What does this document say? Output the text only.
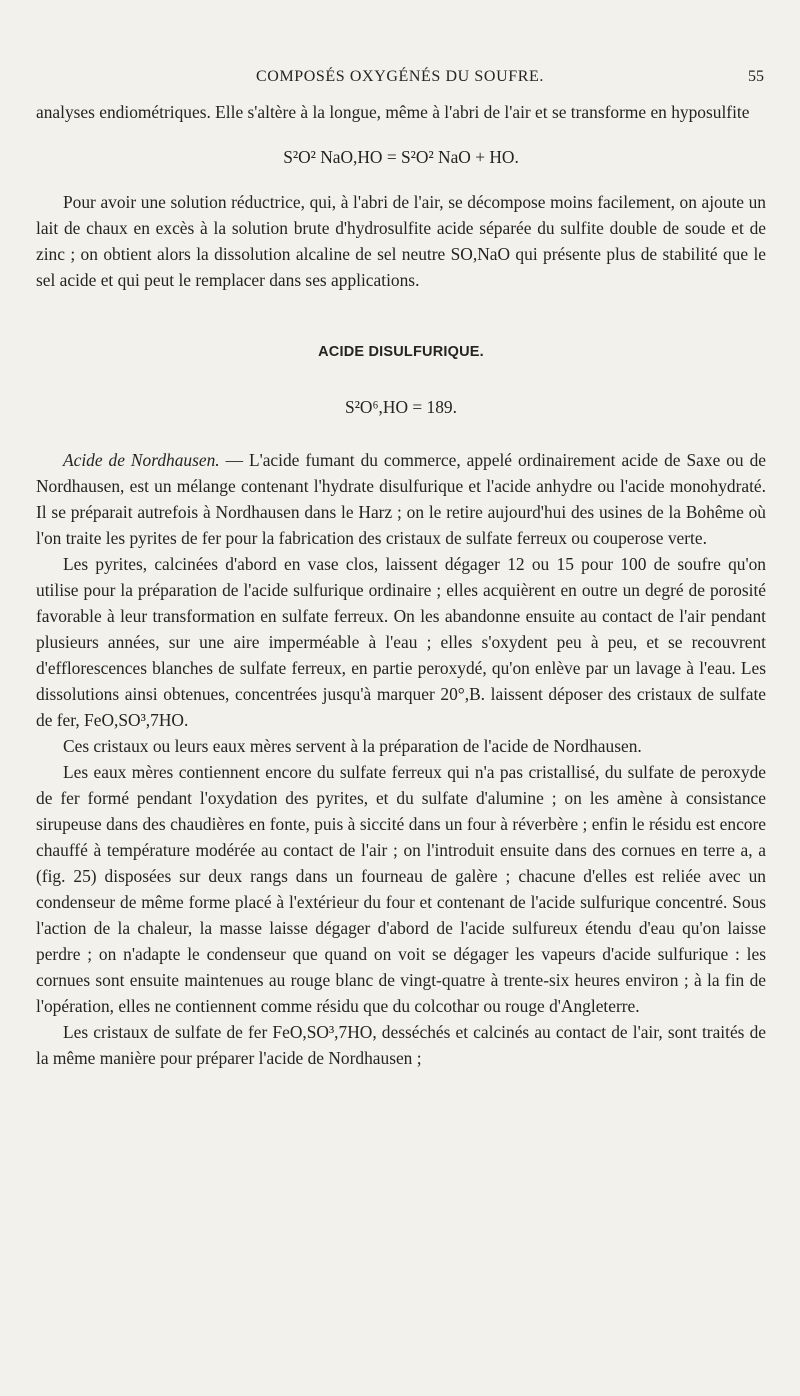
COMPOSÉS OXYGÉNÉS DU SOUFRE.	55

analyses endiométriques. Elle s'altère à la longue, même à l'abri de l'air et se transforme en hyposulfite

S²O² NaO,HO = S²O² NaO + HO.

Pour avoir une solution réductrice, qui, à l'abri de l'air, se décompose moins facilement, on ajoute un lait de chaux en excès à la solution brute d'hydrosulfite acide séparée du sulfite double de soude et de zinc ; on obtient alors la dissolution alcaline de sel neutre SO,NaO qui présente plus de stabilité que le sel acide et qui peut le remplacer dans ses applications.

ACIDE DISULFURIQUE.
S²O⁶,HO = 189.

Acide de Nordhausen. — L'acide fumant du commerce, appelé ordinairement acide de Saxe ou de Nordhausen, est un mélange contenant l'hydrate disulfurique et l'acide anhydre ou l'acide monohydraté. Il se préparait autrefois à Nordhausen dans le Harz ; on le retire aujourd'hui des usines de la Bohême où l'on traite les pyrites de fer pour la fabrication des cristaux de sulfate ferreux ou couperose verte.

Les pyrites, calcinées d'abord en vase clos, laissent dégager 12 ou 15 pour 100 de soufre qu'on utilise pour la préparation de l'acide sulfurique ordinaire ; elles acquièrent en outre un degré de porosité favorable à leur transformation en sulfate ferreux. On les abandonne ensuite au contact de l'air pendant plusieurs années, sur une aire imperméable à l'eau ; elles s'oxydent peu à peu, et se recouvrent d'efflorescences blanches de sulfate ferreux, en partie peroxydé, qu'on enlève par un lavage à l'eau. Les dissolutions ainsi obtenues, concentrées jusqu'à marquer 20°,B. laissent déposer des cristaux de sulfate de fer, FeO,SO³,7HO.

Ces cristaux ou leurs eaux mères servent à la préparation de l'acide de Nordhausen.

Les eaux mères contiennent encore du sulfate ferreux qui n'a pas cristallisé, du sulfate de peroxyde de fer formé pendant l'oxydation des pyrites, et du sulfate d'alumine ; on les amène à consistance sirupeuse dans des chaudières en fonte, puis à siccité dans un four à réverbère ; enfin le résidu est encore chauffé à température modérée au contact de l'air ; on l'introduit ensuite dans des cornues en terre a, a (fig. 25) disposées sur deux rangs dans un fourneau de galère ; chacune d'elles est reliée avec un condenseur de même forme placé à l'extérieur du four et contenant de l'acide sulfurique concentré. Sous l'action de la chaleur, la masse laisse dégager d'abord de l'acide sulfureux étendu d'eau qu'on laisse perdre ; on n'adapte le condenseur que quand on voit se dégager les vapeurs d'acide sulfurique : les cornues sont ensuite maintenues au rouge blanc de vingt-quatre à trente-six heures environ ; à la fin de l'opération, elles ne contiennent comme résidu que du colcothar ou rouge d'Angleterre.

Les cristaux de sulfate de fer FeO,SO³,7HO, desséchés et calcinés au contact de l'air, sont traités de la même manière pour préparer l'acide de Nordhausen ;
